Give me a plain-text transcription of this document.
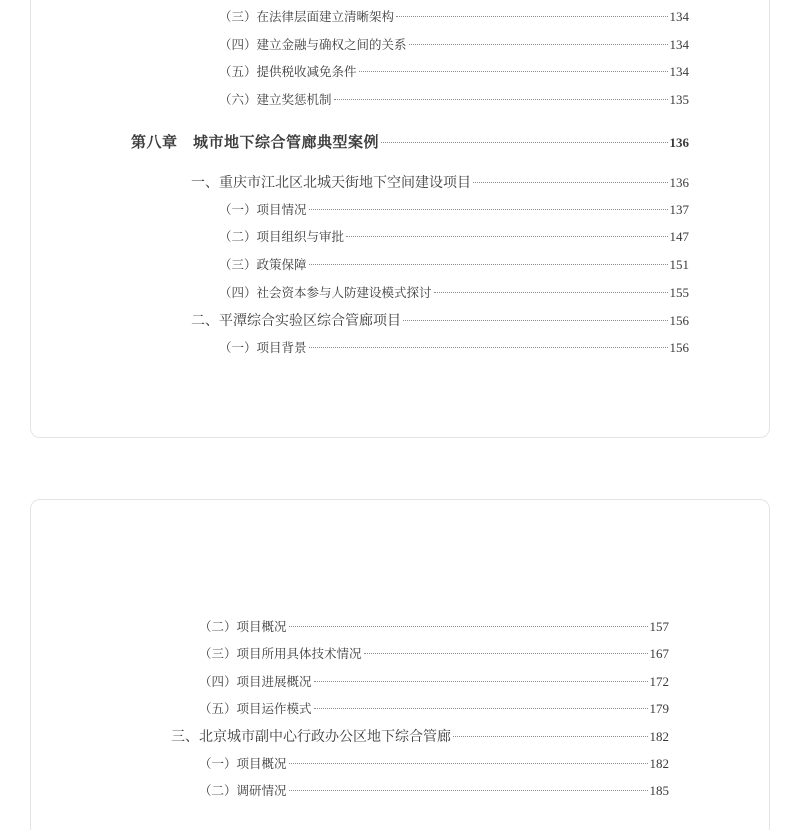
（三）在法律层面建立清晰架构	134
（四）建立金融与确权之间的关系	134
（五）提供税收减免条件	134
（六）建立奖惩机制	135
第八章　城市地下综合管廊典型案例	136
一、重庆市江北区北城天街地下空间建设项目	136
（一）项目情况	137
（二）项目组织与审批	147
（三）政策保障	151
（四）社会资本参与人防建设模式探讨	155
二、平潭综合实验区综合管廊项目	156
（一）项目背景	156
（二）项目概况	157
（三）项目所用具体技术情况	167
（四）项目进展概况	172
（五）项目运作模式	179
三、北京城市副中心行政办公区地下综合管廊	182
（一）项目概况	182
（二）调研情况	185
